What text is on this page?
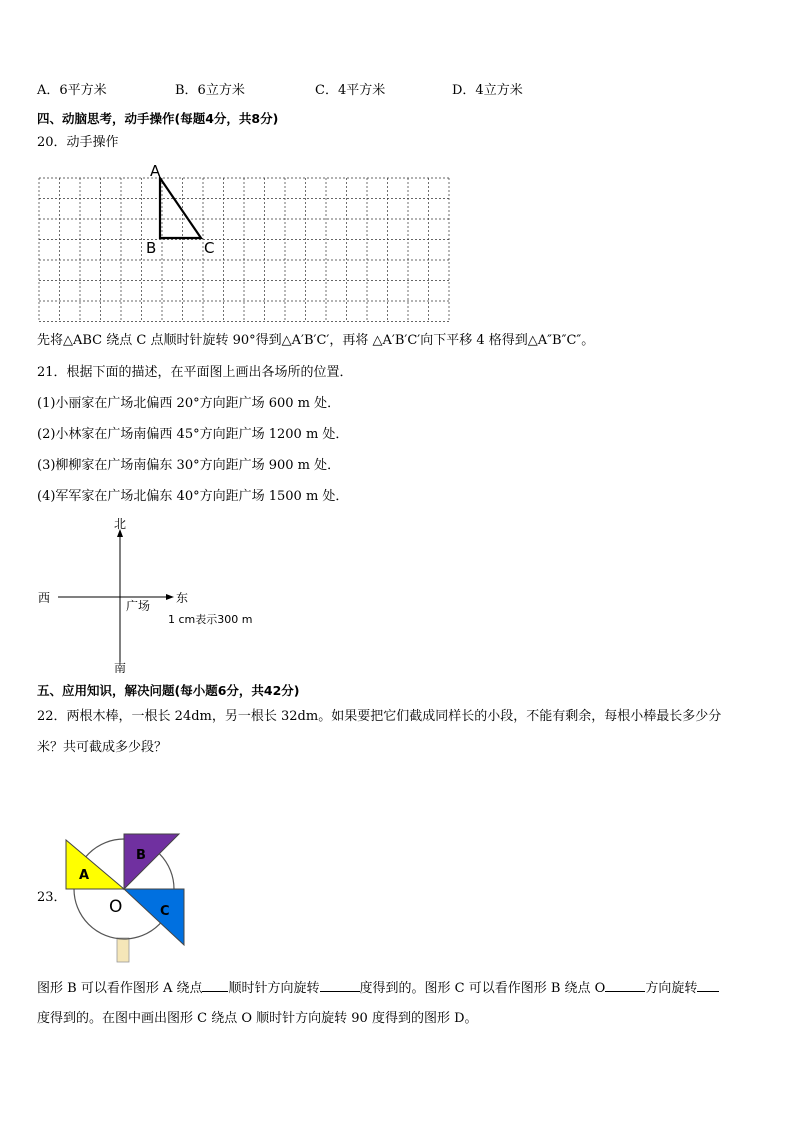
A．6平方米	B．6立方米	C．4平方米	D．4立方米
四、动脑思考，动手操作(每题4分，共8分)
20．动手操作
A
B	C
先将△ABC 绕点 C 点顺时针旋转 90°得到△A′B′C′，再将 △A′B′C′向下平移 4 格得到△A″B″C″。
21．根据下面的描述，在平面图上画出各场所的位置．
(1)小丽家在广场北偏西 20°方向距广场 600 m 处．
(2)小林家在广场南偏西 45°方向距广场 1200 m 处．
(3)柳柳家在广场南偏东 30°方向距广场 900 m 处．
(4)军军家在广场北偏东 40°方向距广场 1500 m 处．
北
南
西	东
广场
1 cm表示300 m
五、应用知识，解决问题(每小题6分，共42分)
22．两根木棒，一根长 24dm，另一根长 32dm。如果要把它们截成同样长的小段，不能有剩余，每根小棒最长多少分
米？共可截成多少段？
23．
A
B
C
O
图形 B 可以看作图形 A 绕点 顺时针方向旋转	度得到的。图形 C 可以看作图形 B 绕点 O	方向旋转
度得到的。在图中画出图形 C 绕点 O 顺时针方向旋转 90 度得到的图形 D。
